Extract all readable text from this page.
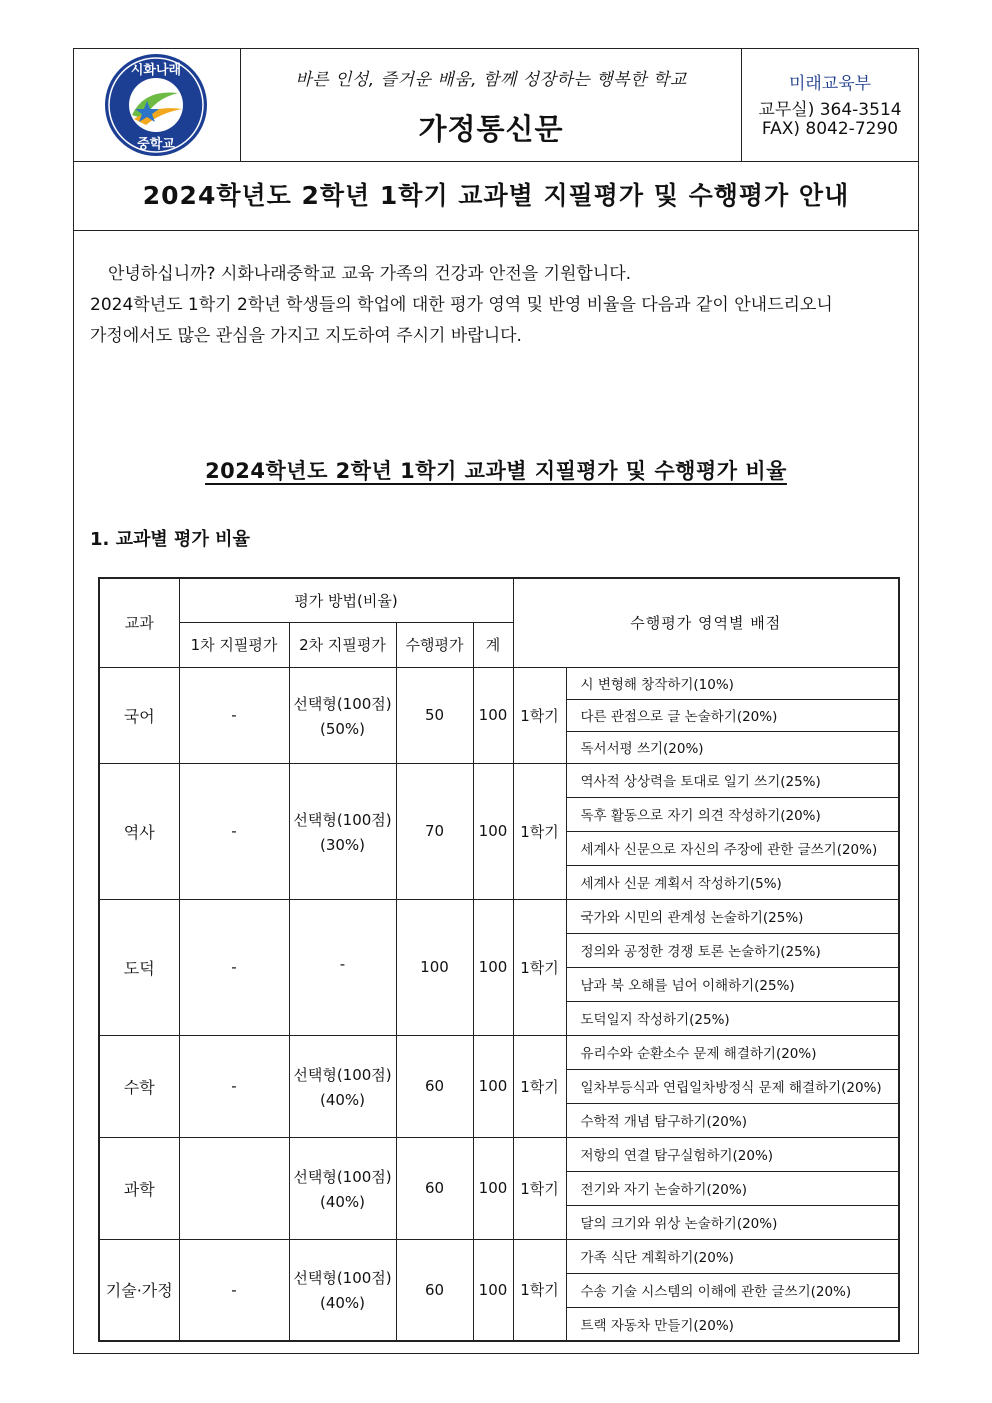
시화나래
중학교
바른 인성, 즐거운 배움, 함께 성장하는 행복한 학교
가정통신문
미래교육부
교무실) 364-3514
FAX) 8042-7290
2024학년도 2학년 1학기 교과별 지필평가 및 수행평가 안내

안녕하십니까? 시화나래중학교 교육 가족의 건강과 안전을 기원합니다.

2024학년도 1학기 2학년 학생들의 학업에 대한 평가 영역 및 반영 비율을 다음과 같이 안내드리오니

가정에서도 많은 관심을 가지고 지도하여 주시기 바랍니다.

2024학년도 2학년 1학기 교과별 지필평가 및 수행평가 비율
1. 교과별 평가 비율
교과	평가 방법(비율)				수행평가 영역별 배점	
	1차 지필평가	2차 지필평가	수행평가	계		
국어	-	선택형(100점)
(50%)	50	100	1학기	시 변형해 창작하기(10%)
						다른 관점으로 글 논술하기(20%)
						독서서평 쓰기(20%)
역사	-	선택형(100점)
(30%)	70	100	1학기	역사적 상상력을 토대로 일기 쓰기(25%)
						독후 활동으로 자기 의견 작성하기(20%)
						세계사 신문으로 자신의 주장에 관한 글쓰기(20%)
						세계사 신문 계획서 작성하기(5%)
도덕	-	-	100	100	1학기	국가와 시민의 관계성 논술하기(25%)
						정의와 공정한 경쟁 토론 논술하기(25%)
						남과 북 오해를 넘어 이해하기(25%)
						도덕일지 작성하기(25%)
수학	-	선택형(100점)
(40%)	60	100	1학기	유리수와 순환소수 문제 해결하기(20%)
						일차부등식과 연립일차방정식 문제 해결하기(20%)
						수학적 개념 탐구하기(20%)
과학		선택형(100점)
(40%)	60	100	1학기	저항의 연결 탐구실험하기(20%)
						전기와 자기 논술하기(20%)
						달의 크기와 위상 논술하기(20%)
기술·가정	-	선택형(100점)
(40%)	60	100	1학기	가족 식단 계획하기(20%)
						수송 기술 시스템의 이해에 관한 글쓰기(20%)
						트랙 자동차 만들기(20%)
